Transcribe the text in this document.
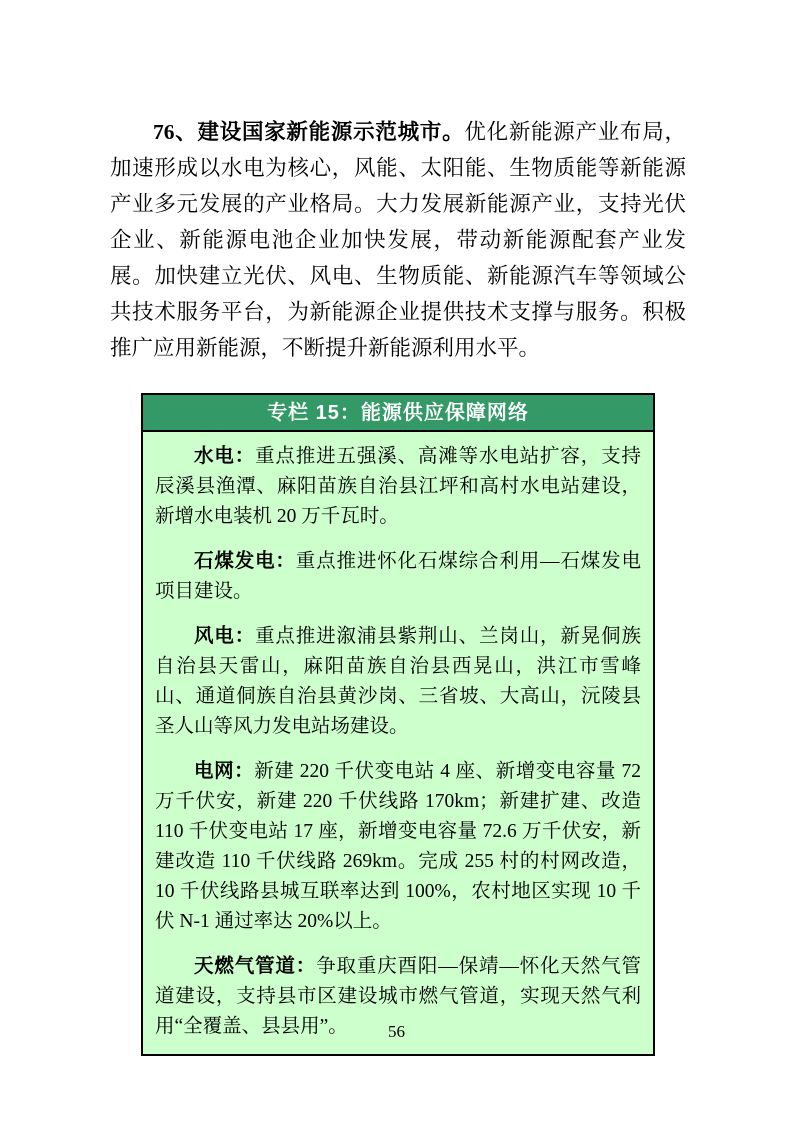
76、建设国家新能源示范城市。优化新能源产业布局，加速形成以水电为核心，风能、太阳能、生物质能等新能源产业多元发展的产业格局。大力发展新能源产业，支持光伏企业、新能源电池企业加快发展，带动新能源配套产业发展。加快建立光伏、风电、生物质能、新能源汽车等领域公共技术服务平台，为新能源企业提供技术支撑与服务。积极推广应用新能源，不断提升新能源利用水平。

专栏 15：能源供应保障网络

水电：重点推进五强溪、高滩等水电站扩容，支持辰溪县渔潭、麻阳苗族自治县江坪和高村水电站建设，新增水电装机 20 万千瓦时。

石煤发电：重点推进怀化石煤综合利用—石煤发电项目建设。

风电：重点推进溆浦县紫荆山、兰岗山，新晃侗族自治县天雷山，麻阳苗族自治县西晃山，洪江市雪峰山、通道侗族自治县黄沙岗、三省坡、大高山，沅陵县圣人山等风力发电站场建设。

电网：新建 220 千伏变电站 4 座、新增变电容量 72 万千伏安，新建 220 千伏线路 170km；新建扩建、改造 110 千伏变电站 17 座，新增变电容量 72.6 万千伏安，新建改造 110 千伏线路 269km。完成 255 村的村网改造，10 千伏线路县城互联率达到 100%，农村地区实现 10 千伏 N-1 通过率达 20%以上。

天燃气管道：争取重庆酉阳—保靖—怀化天然气管道建设，支持县市区建设城市燃气管道，实现天然气利用“全覆盖、县县用”。	56
